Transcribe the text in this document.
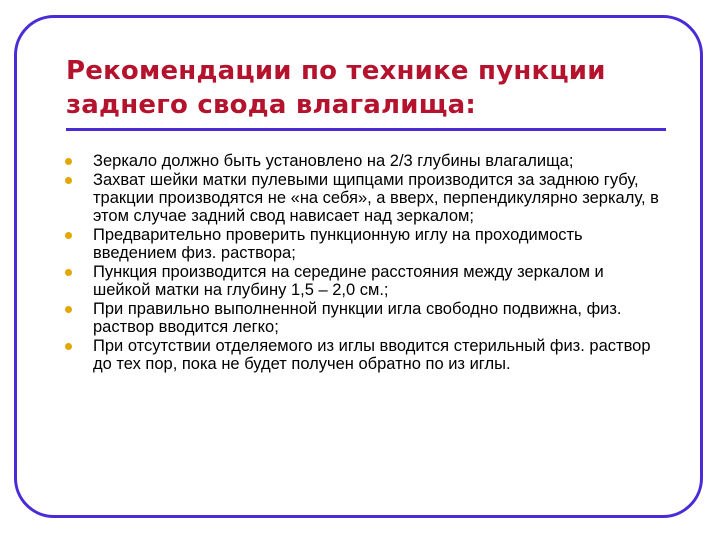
Рекомендации по технике пункции заднего свода влагалища:
Зеркало должно быть установлено на 2/3 глубины влагалища;
Захват шейки матки пулевыми щипцами производится за заднюю губу, тракции производятся не «на себя», а вверх, перпендикулярно зеркалу, в этом случае задний свод нависает над зеркалом;
Предварительно проверить пункционную иглу на проходимость введением физ. раствора;
Пункция производится на середине расстояния между зеркалом и шейкой матки на глубину 1,5 – 2,0 см.;
При правильно выполненной пункции игла свободно подвижна, физ. раствор вводится легко;
При отсутствии отделяемого из иглы вводится стерильный физ. раствор до тех пор, пока не будет получен обратно по из иглы.
